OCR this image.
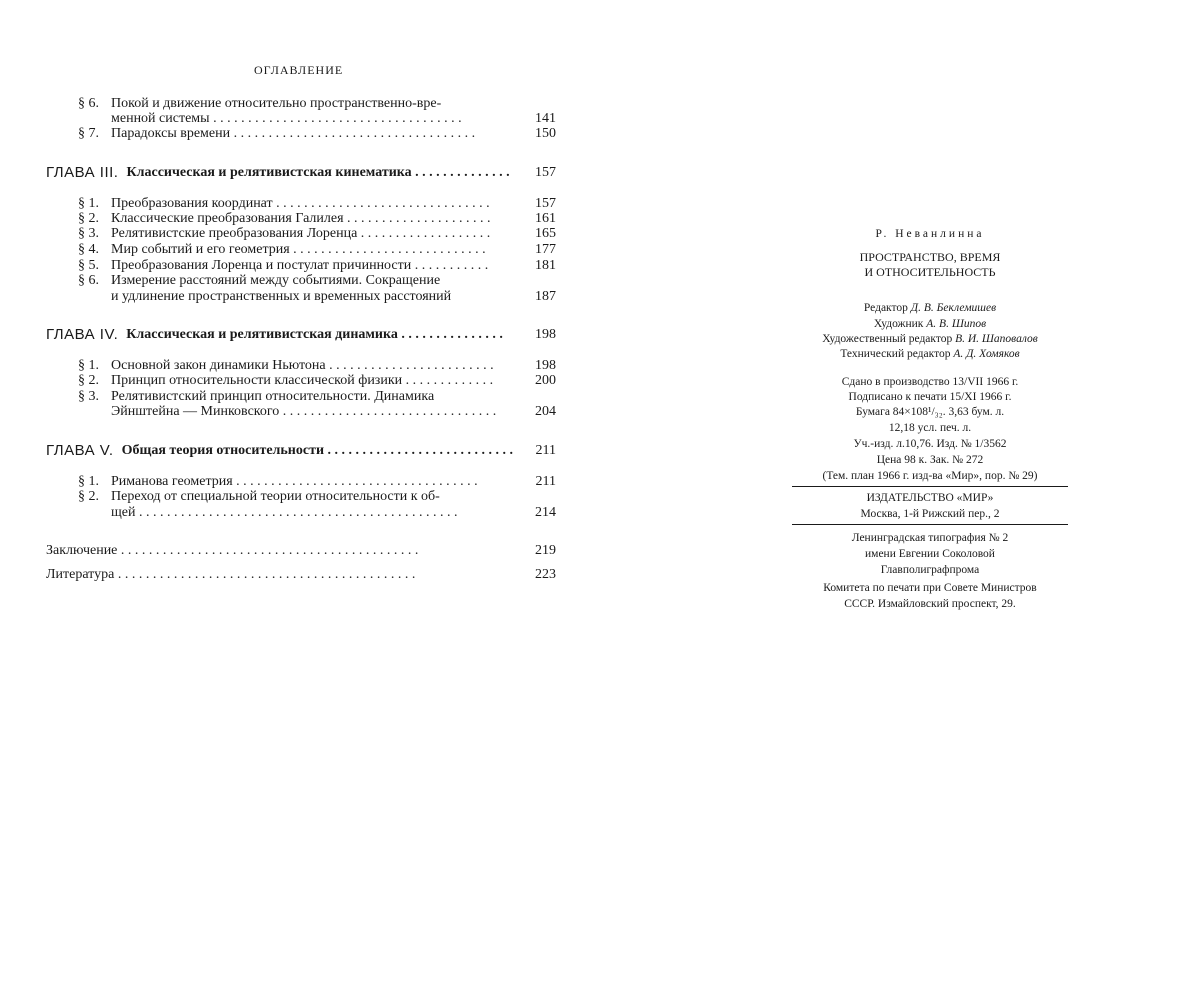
ОГЛАВЛЕНИЕ
§ 6. Покой и движение относительно пространственно-вре-
менной системы . . . . . . . . . . . . . . . . . . . . . . . . . . . . . . . . . . . .	141
§ 7. Парадоксы времени . . . . . . . . . . . . . . . . . . . . . . . . . . . . . . . . . . .	150
ГЛАВА III. Классическая и релятивистская кинематика . . . . . . . . . . . . . .	157
§ 1. Преобразования координат . . . . . . . . . . . . . . . . . . . . . . . . . . . . . . .	157
§ 2. Классические преобразования Галилея . . . . . . . . . . . . . . . . . . . . .	161
§ 3. Релятивистские преобразования Лоренца . . . . . . . . . . . . . . . . . . .	165
§ 4. Мир событий и его геометрия . . . . . . . . . . . . . . . . . . . . . . . . . . . .	177
§ 5. Преобразования Лоренца и постулат причинности . . . . . . . . . . .	181
§ 6. Измерение расстояний между событиями. Сокращение
и удлинение пространственных и временных расстояний	187
ГЛАВА IV. Классическая и релятивистская динамика . . . . . . . . . . . . . . .	198
§ 1. Основной закон динамики Ньютона . . . . . . . . . . . . . . . . . . . . . . . .	198
§ 2. Принцип относительности классической физики . . . . . . . . . . . . .	200
§ 3. Релятивистский принцип относительности. Динамика
Эйнштейна — Минковского . . . . . . . . . . . . . . . . . . . . . . . . . . . . . . .	204
ГЛАВА V. Общая теория относительности . . . . . . . . . . . . . . . . . . . . . . . . . . .	211
§ 1. Риманова геометрия . . . . . . . . . . . . . . . . . . . . . . . . . . . . . . . . . . .	211
§ 2. Переход от специальной теории относительности к об-
щей . . . . . . . . . . . . . . . . . . . . . . . . . . . . . . . . . . . . . . . . . . . . . .	214
Заключение . . . . . . . . . . . . . . . . . . . . . . . . . . . . . . . . . . . . . . . . . . .	219
Литература . . . . . . . . . . . . . . . . . . . . . . . . . . . . . . . . . . . . . . . . . . .	223
Р. Неванлинна
ПРОСТРАНСТВО, ВРЕМЯ
И ОТНОСИТЕЛЬНОСТЬ
Редактор Д. В. Беклемишев
Художник А. В. Шипов
Художественный редактор В. И. Шаповалов
Технический редактор А. Д. Хомяков
Сдано в производство 13/VII 1966 г.
Подписано к печати 15/XI 1966 г.
Бумага 84×108¹/₃₂. 3,63 бум. л.
12,18 усл. печ. л.
Уч.-изд. л.10,76. Изд. № 1/3562
Цена 98 к. Зак. № 272
(Тем. план 1966 г. изд-ва «Мир», пор. № 29)
ИЗДАТЕЛЬСТВО «МИР»
Москва, 1-й Рижский пер., 2
Ленинградская типография № 2
имени Евгении Соколовой
Главполиграфпрома
Комитета по печати при Совете Министров
СССР. Измайловский проспект, 29.
